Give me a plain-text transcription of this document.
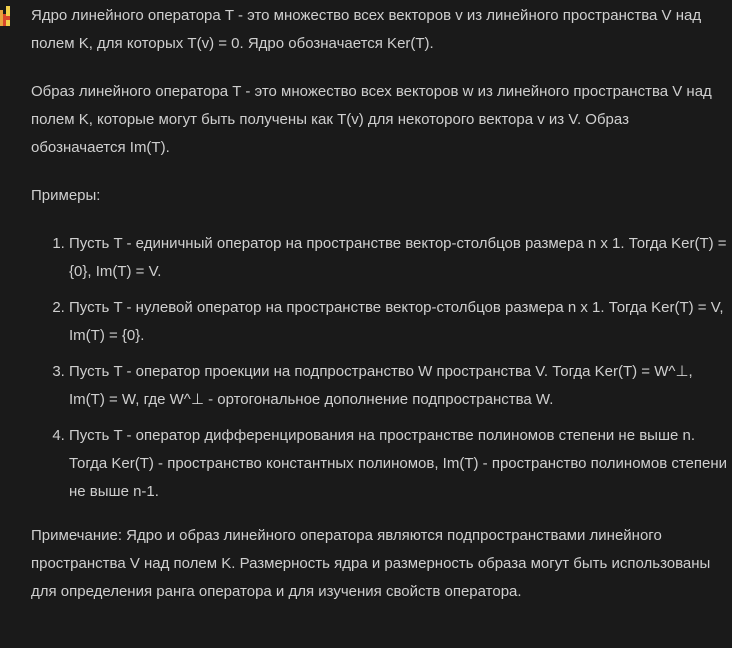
Ядро линейного оператора T - это множество всех векторов v из линейного пространства V над полем K, для которых T(v) = 0. Ядро обозначается Ker(T).

Образ линейного оператора T - это множество всех векторов w из линейного пространства V над полем K, которые могут быть получены как T(v) для некоторого вектора v из V. Образ обозначается Im(T).

Примеры:

1. Пусть T - единичный оператор на пространстве вектор-столбцов размера n x 1. Тогда Ker(T) = {0}, Im(T) = V.
2. Пусть T - нулевой оператор на пространстве вектор-столбцов размера n x 1. Тогда Ker(T) = V, Im(T) = {0}.
3. Пусть T - оператор проекции на подпространство W пространства V. Тогда Ker(T) = W^⊥, Im(T) = W, где W^⊥ - ортогональное дополнение подпространства W.
4. Пусть T - оператор дифференцирования на пространстве полиномов степени не выше n. Тогда Ker(T) - пространство константных полиномов, Im(T) - пространство полиномов степени не выше n-1.

Примечание: Ядро и образ линейного оператора являются подпространствами линейного пространства V над полем K. Размерность ядра и размерность образа могут быть использованы для определения ранга оператора и для изучения свойств оператора.
